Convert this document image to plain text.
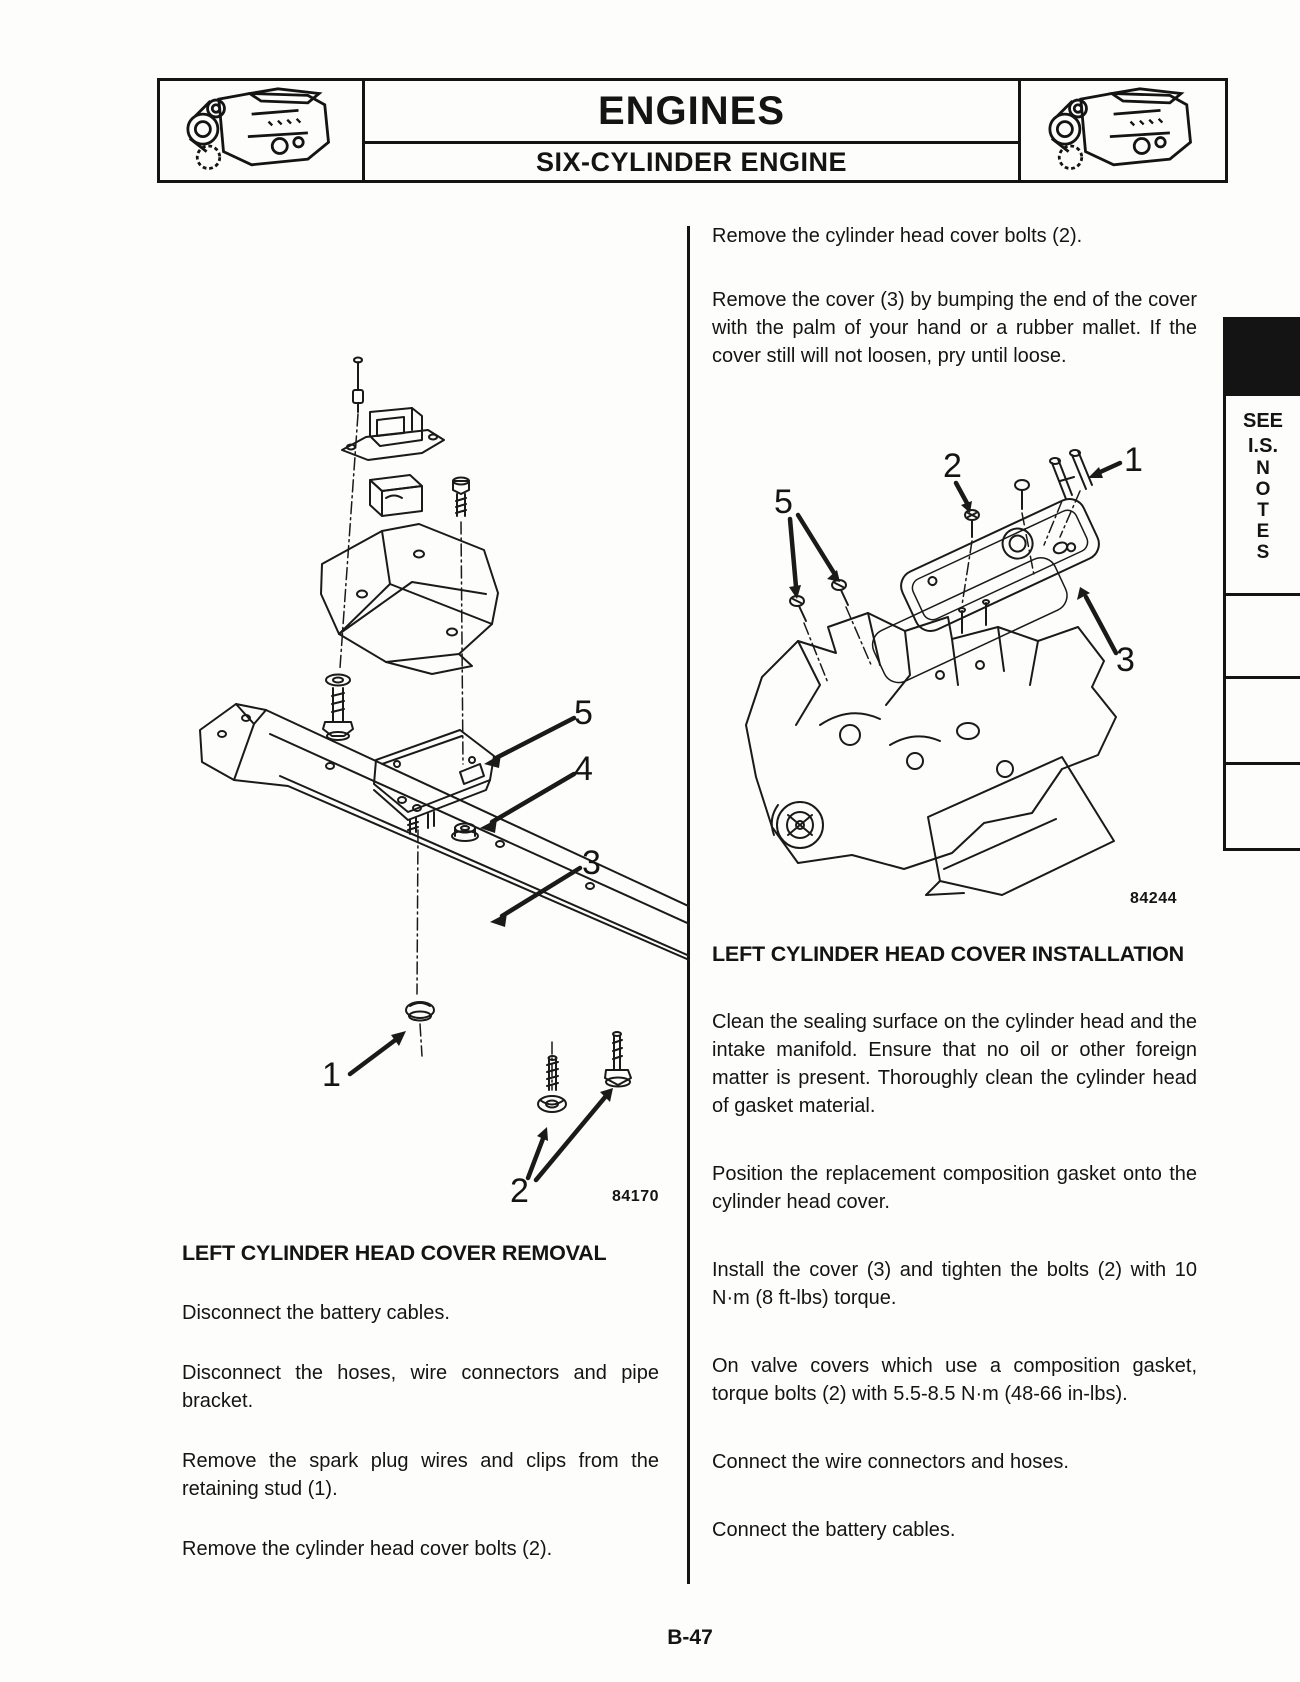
ENGINES
SIX-CYLINDER ENGINE
SEE
I.S.
N
O
T
E
S
5
4
3
1
2	84170
2	1
5
3
84244
LEFT CYLINDER HEAD COVER REMOVAL

Disconnect the battery cables.

Disconnect the hoses, wire connectors and pipe bracket.

Remove the spark plug wires and clips from the retaining stud (1).

Remove the cylinder head cover bolts (2).

Remove the cylinder head cover bolts (2).

Remove the cover (3) by bumping the end of the cover with the palm of your hand or a rubber mallet. If the cover still will not loosen, pry until loose.

LEFT CYLINDER HEAD COVER INSTALLATION

Clean the sealing surface on the cylinder head and the intake manifold. Ensure that no oil or other foreign matter is present. Thoroughly clean the cylinder head of gasket material.

Position the replacement composition gasket onto the cylinder head cover.

Install the cover (3) and tighten the bolts (2) with 10 N·m (8 ft-lbs) torque.

On valve covers which use a composition gasket, torque bolts (2) with 5.5-8.5 N·m (48-66 in-lbs).

Connect the wire connectors and hoses.

Connect the battery cables.

B-47
